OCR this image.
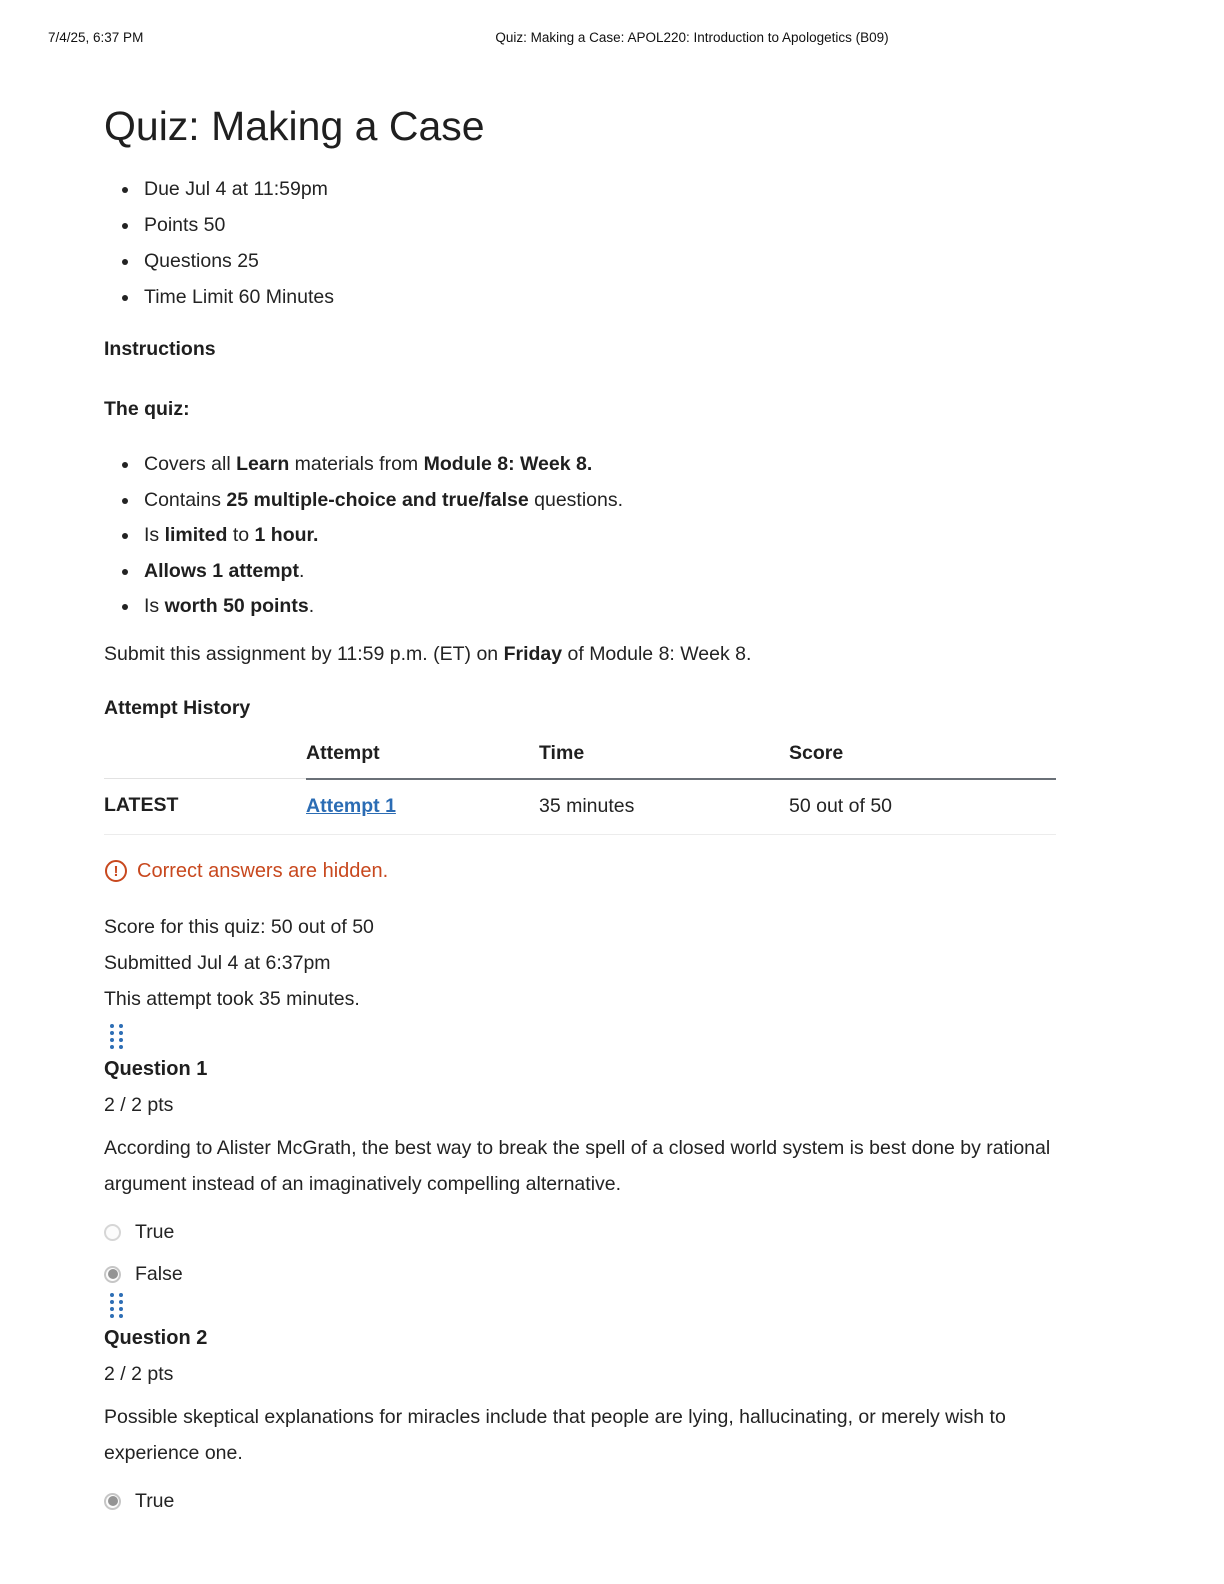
7/4/25, 6:37 PM	Quiz: Making a Case: APOL220: Introduction to Apologetics (B09)
Quiz: Making a Case
• Due Jul 4 at 11:59pm
• Points 50
• Questions 25
• Time Limit 60 Minutes
Instructions

The quiz:

• Covers all Learn materials from Module 8: Week 8.
• Contains 25 multiple-choice and true/false questions.
• Is limited to 1 hour.
• Allows 1 attempt.
• Is worth 50 points.

Submit this assignment by 11:59 p.m. (ET) on Friday of Module 8: Week 8.

Attempt History
	Attempt	Time	Score
LATEST	Attempt 1	35 minutes	50 out of 50
! Correct answers are hidden.

Score for this quiz: 50 out of 50

Submitted Jul 4 at 6:37pm

This attempt took 35 minutes.

Question 1

2 / 2 pts

According to Alister McGrath, the best way to break the spell of a closed world system is best done by rational argument instead of an imaginatively compelling alternative.

True
False
Question 2

2 / 2 pts

Possible skeptical explanations for miracles include that people are lying, hallucinating, or merely wish to experience one.

True
